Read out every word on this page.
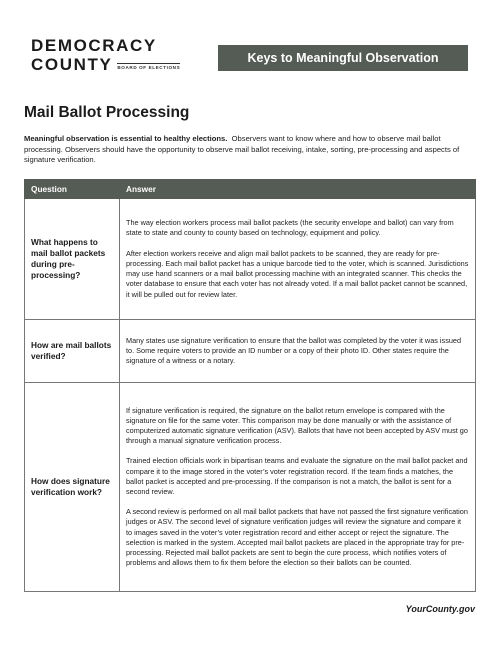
DEMOCRACY
COUNTY BOARD OF ELECTIONS
Keys to Meaningful Observation
Mail Ballot Processing
Meaningful observation is essential to healthy elections. Observers want to know where and how to observe mail ballot processing. Observers should have the opportunity to observe mail ballot receiving, intake, sorting, pre-processing and aspects of signature verification.
Question	Answer
What happens to mail ballot packets during pre-processing?	The way election workers process mail ballot packets (the security envelope and ballot) can vary from state to state and county to county based on technology, equipment and policy.

After election workers receive and align mail ballot packets to be scanned, they are ready for pre-processing. Each mail ballot packet has a unique barcode tied to the voter, which is scanned. Jurisdictions may use hand scanners or a mail ballot processing machine with an integrated scanner. This checks the voter database to ensure that each voter has not already voted. If a mail ballot packet cannot be scanned, it will be pulled out for review later.

How are mail ballots verified?	Many states use signature verification to ensure that the ballot was completed by the voter it was issued to. Some require voters to provide an ID number or a copy of their photo ID. Other states require the signature of a witness or a notary.

How does signature verification work?	If signature verification is required, the signature on the ballot return envelope is compared with the signature on file for the same voter. This comparison may be done manually or with the assistance of computerized automatic signature verification (ASV). Ballots that have not been accepted by ASV must go through a manual signature verification process.

Trained election officials work in bipartisan teams and evaluate the signature on the mail ballot packet and compare it to the image stored in the voter’s voter registration record. If the team finds a matches, the ballot packet is accepted and pre-processing. If the comparison is not a match, the ballot is sent for a second review.

A second review is performed on all mail ballot packets that have not passed the first signature verification judges or ASV. The second level of signature verification judges will review the signature and compare it to images saved in the voter’s voter registration record and either accept or reject the signature. The selection is marked in the system. Accepted mail ballot packets are placed in the appropriate tray for pre-processing. Rejected mail ballot packets are sent to begin the cure process, which notifies voters of problems and allows them to fix them before the election so their ballots can be counted.

YourCounty.gov
